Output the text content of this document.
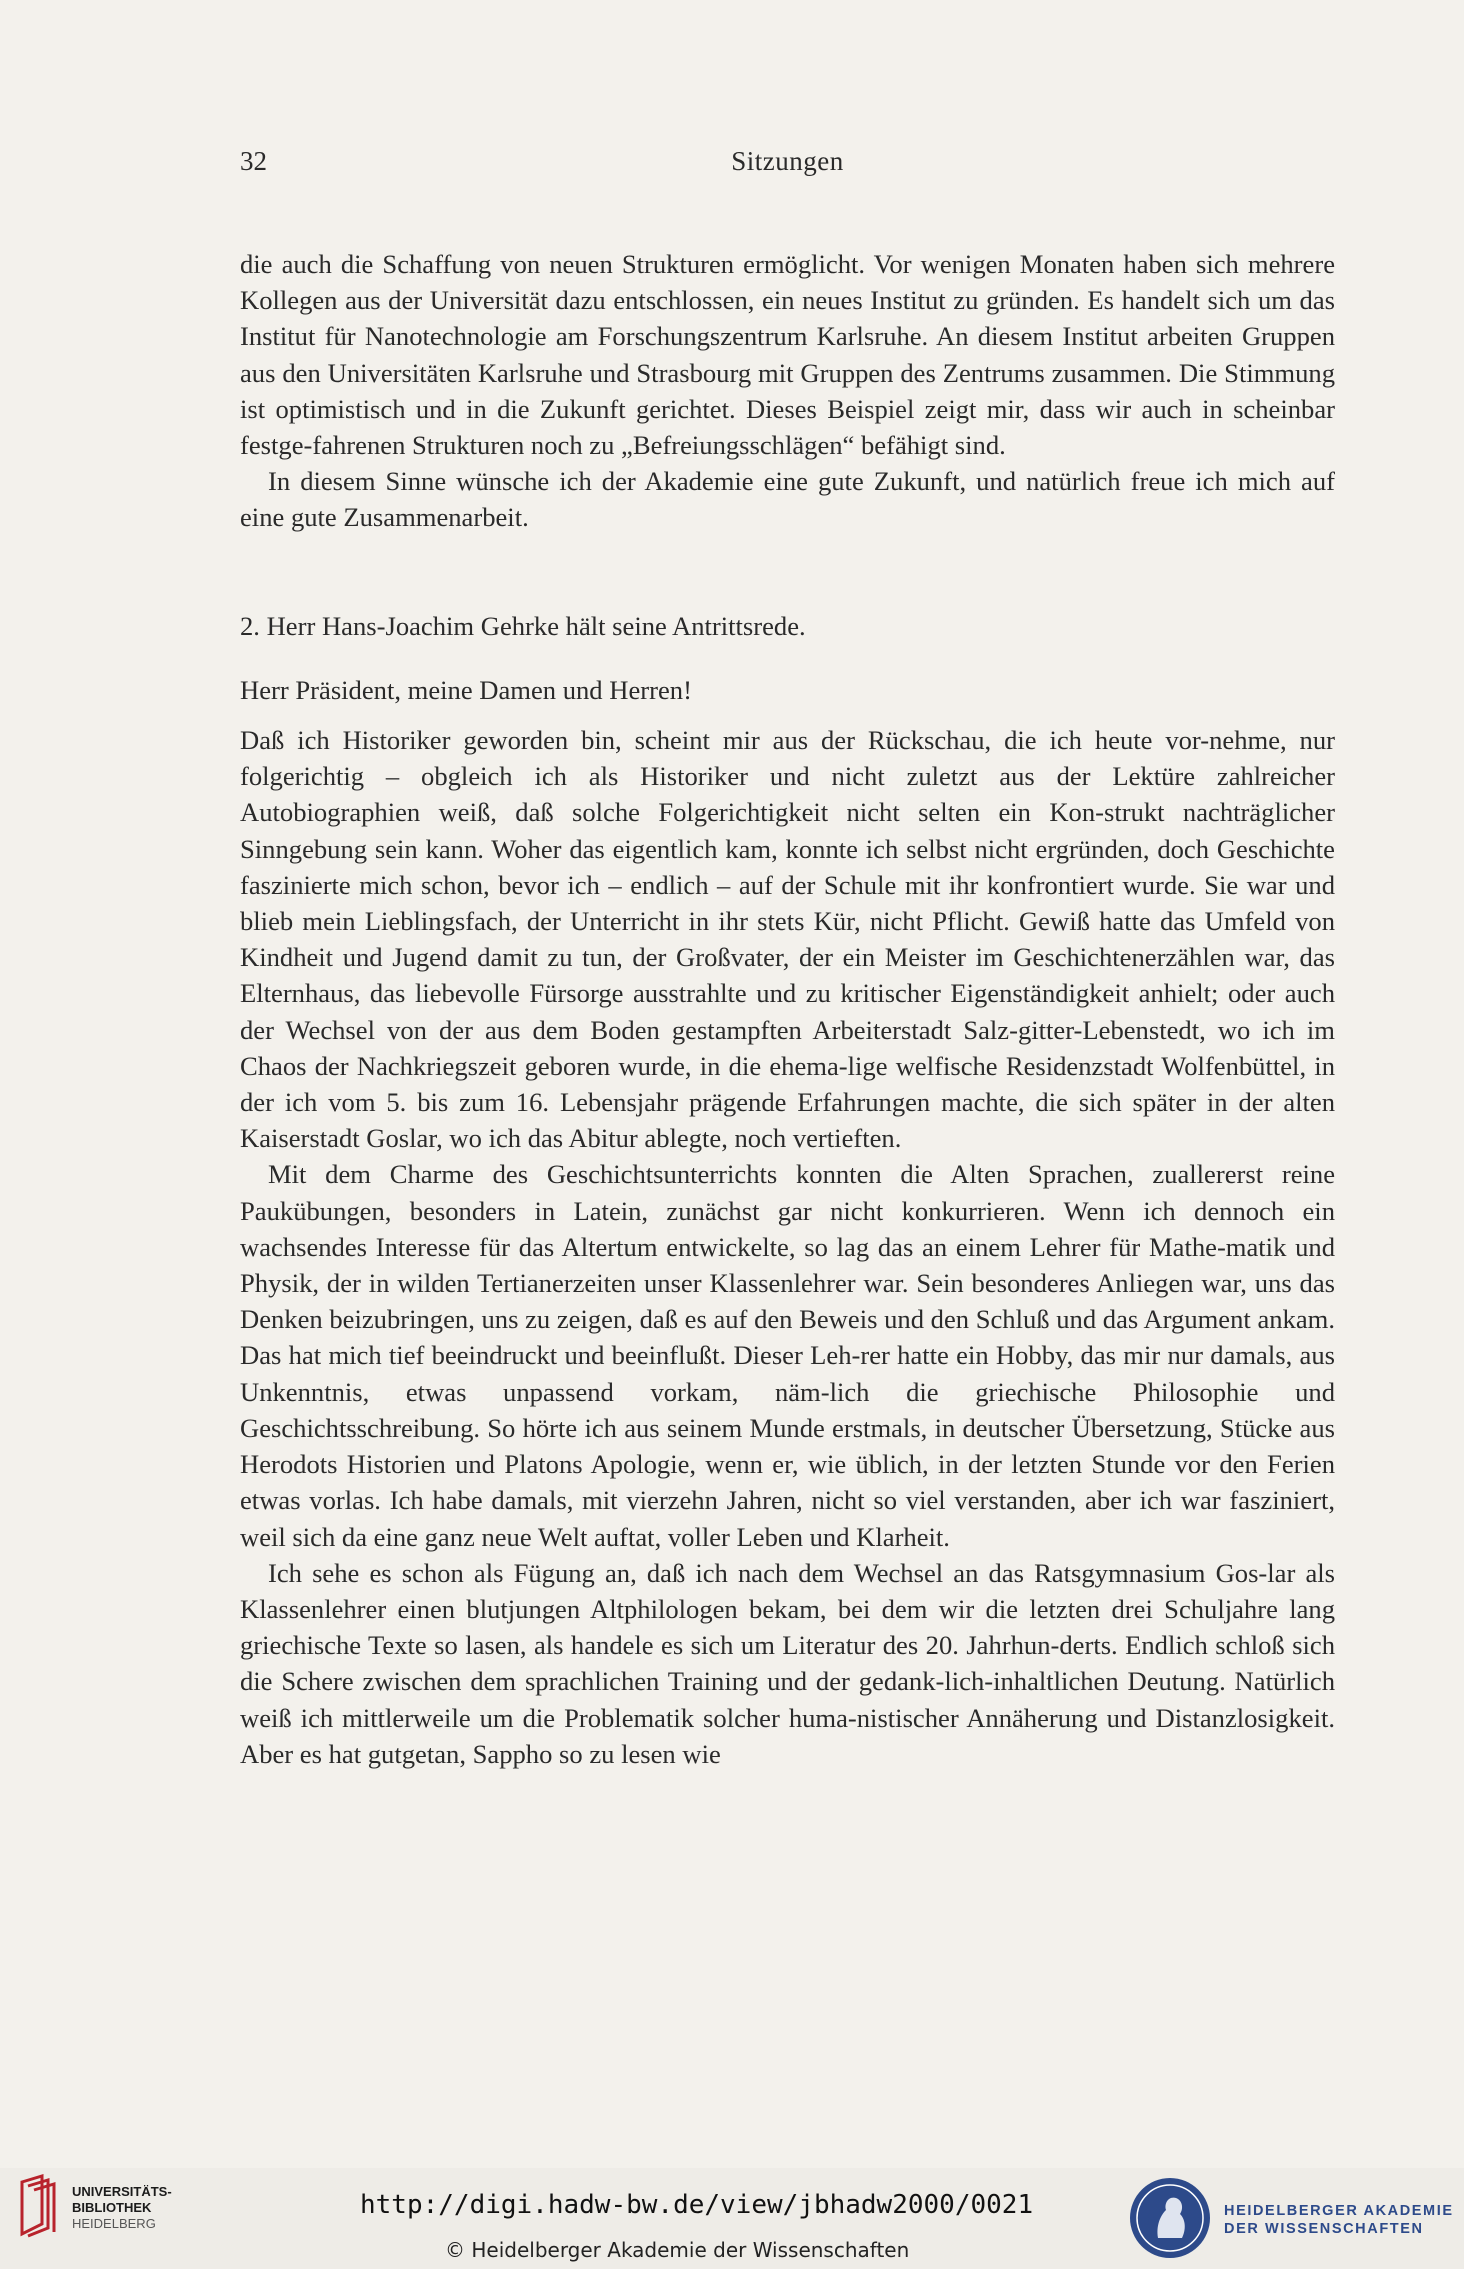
32	Sitzungen

die auch die Schaffung von neuen Strukturen ermöglicht. Vor wenigen Monaten haben sich mehrere Kollegen aus der Universität dazu entschlossen, ein neues Institut zu gründen. Es handelt sich um das Institut für Nanotechnologie am Forschungszentrum Karlsruhe. An diesem Institut arbeiten Gruppen aus den Universitäten Karlsruhe und Strasbourg mit Gruppen des Zentrums zusammen. Die Stimmung ist optimistisch und in die Zukunft gerichtet. Dieses Beispiel zeigt mir, dass wir auch in scheinbar festge-fahrenen Strukturen noch zu „Befreiungsschlägen“ befähigt sind.

In diesem Sinne wünsche ich der Akademie eine gute Zukunft, und natürlich freue ich mich auf eine gute Zusammenarbeit.

2. Herr Hans-Joachim Gehrke hält seine Antrittsrede.

Herr Präsident, meine Damen und Herren!

Daß ich Historiker geworden bin, scheint mir aus der Rückschau, die ich heute vor-nehme, nur folgerichtig – obgleich ich als Historiker und nicht zuletzt aus der Lektüre zahlreicher Autobiographien weiß, daß solche Folgerichtigkeit nicht selten ein Kon-strukt nachträglicher Sinngebung sein kann. Woher das eigentlich kam, konnte ich selbst nicht ergründen, doch Geschichte faszinierte mich schon, bevor ich – endlich – auf der Schule mit ihr konfrontiert wurde. Sie war und blieb mein Lieblingsfach, der Unterricht in ihr stets Kür, nicht Pflicht. Gewiß hatte das Umfeld von Kindheit und Jugend damit zu tun, der Großvater, der ein Meister im Geschichtenerzählen war, das Elternhaus, das liebevolle Fürsorge ausstrahlte und zu kritischer Eigenständigkeit anhielt; oder auch der Wechsel von der aus dem Boden gestampften Arbeiterstadt Salz-gitter-Lebenstedt, wo ich im Chaos der Nachkriegszeit geboren wurde, in die ehema-lige welfische Residenzstadt Wolfenbüttel, in der ich vom 5. bis zum 16. Lebensjahr prägende Erfahrungen machte, die sich später in der alten Kaiserstadt Goslar, wo ich das Abitur ablegte, noch vertieften.

Mit dem Charme des Geschichtsunterrichts konnten die Alten Sprachen, zuallererst reine Paukübungen, besonders in Latein, zunächst gar nicht konkurrieren. Wenn ich dennoch ein wachsendes Interesse für das Altertum entwickelte, so lag das an einem Lehrer für Mathe-matik und Physik, der in wilden Tertianerzeiten unser Klassenlehrer war. Sein besonderes Anliegen war, uns das Denken beizubringen, uns zu zeigen, daß es auf den Beweis und den Schluß und das Argument ankam. Das hat mich tief beeindruckt und beeinflußt. Dieser Leh-rer hatte ein Hobby, das mir nur damals, aus Unkenntnis, etwas unpassend vorkam, näm-lich die griechische Philosophie und Geschichtsschreibung. So hörte ich aus seinem Munde erstmals, in deutscher Übersetzung, Stücke aus Herodots Historien und Platons Apologie, wenn er, wie üblich, in der letzten Stunde vor den Ferien etwas vorlas. Ich habe damals, mit vierzehn Jahren, nicht so viel verstanden, aber ich war fasziniert, weil sich da eine ganz neue Welt auftat, voller Leben und Klarheit.

Ich sehe es schon als Fügung an, daß ich nach dem Wechsel an das Ratsgymnasium Gos-lar als Klassenlehrer einen blutjungen Altphilologen bekam, bei dem wir die letzten drei Schuljahre lang griechische Texte so lasen, als handele es sich um Literatur des 20. Jahrhun-derts. Endlich schloß sich die Schere zwischen dem sprachlichen Training und der gedank-lich-inhaltlichen Deutung. Natürlich weiß ich mittlerweile um die Problematik solcher huma-nistischer Annäherung und Distanzlosigkeit. Aber es hat gutgetan, Sappho so zu lesen wie

UNIVERSITÄTS-
BIBLIOTHEK
HEIDELBERG
http://digi.hadw-bw.de/view/jbhadw2000/0021
© Heidelberger Akademie der Wissenschaften
HEIDELBERGER AKADEMIE
DER WISSENSCHAFTEN
